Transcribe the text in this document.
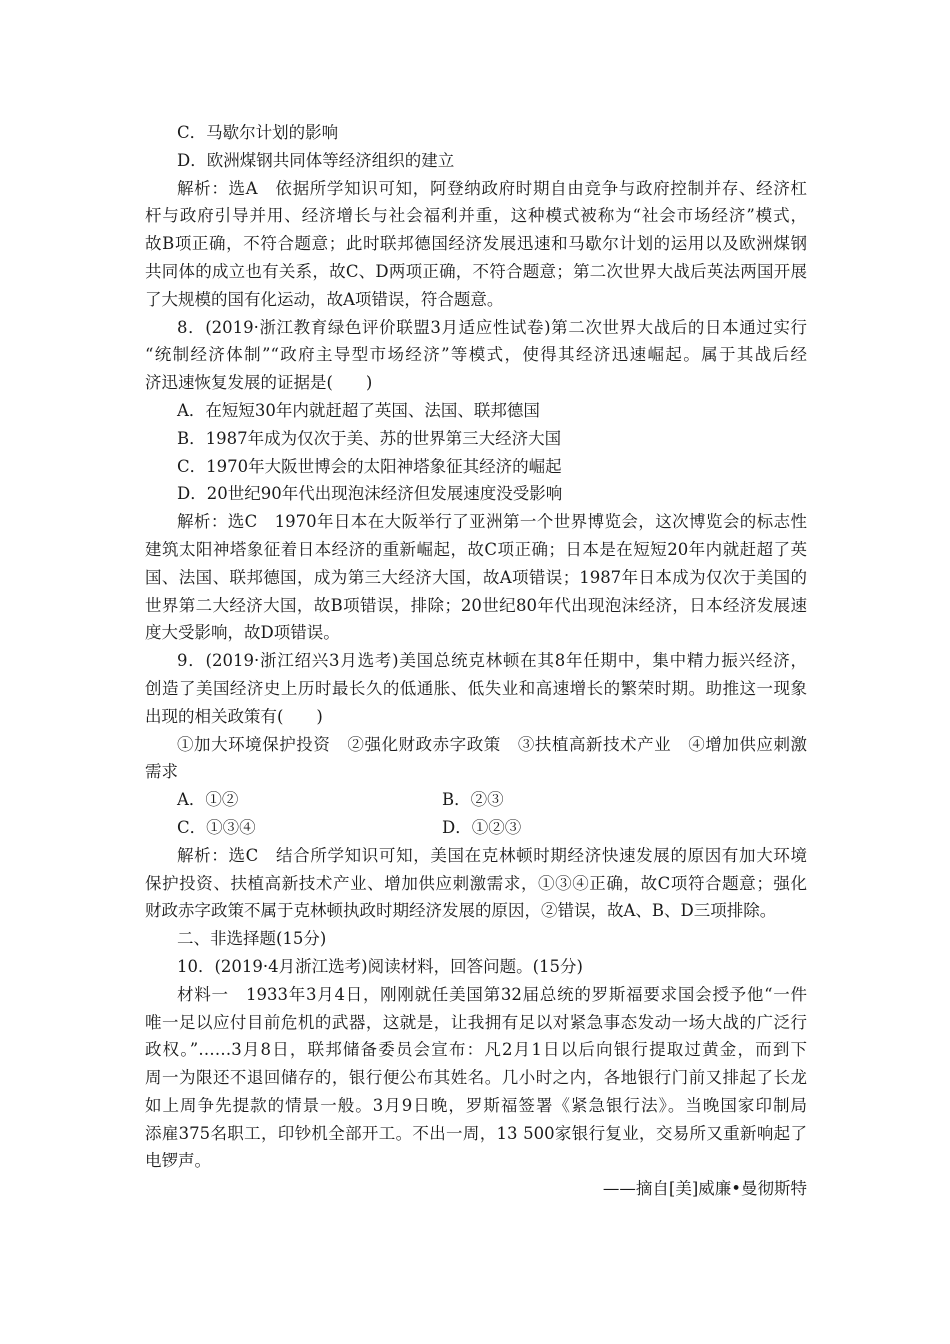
C．马歇尔计划的影响
D．欧洲煤钢共同体等经济组织的建立
解析：选A　依据所学知识可知，阿登纳政府时期自由竞争与政府控制并存、经济杠
杆与政府引导并用、经济增长与社会福利并重，这种模式被称为“社会市场经济”模式，
故B项正确，不符合题意；此时联邦德国经济发展迅速和马歇尔计划的运用以及欧洲煤钢
共同体的成立也有关系，故C、D两项正确，不符合题意；第二次世界大战后英法两国开展
了大规模的国有化运动，故A项错误，符合题意。
8．(2019·浙江教育绿色评价联盟3月适应性试卷)第二次世界大战后的日本通过实行
“统制经济体制”“政府主导型市场经济”等模式，使得其经济迅速崛起。属于其战后经
济迅速恢复发展的证据是(　　)
A．在短短30年内就赶超了英国、法国、联邦德国
B．1987年成为仅次于美、苏的世界第三大经济大国
C．1970年大阪世博会的太阳神塔象征其经济的崛起
D．20世纪90年代出现泡沫经济但发展速度没受影响
解析：选C　1970年日本在大阪举行了亚洲第一个世界博览会，这次博览会的标志性
建筑太阳神塔象征着日本经济的重新崛起，故C项正确；日本是在短短20年内就赶超了英
国、法国、联邦德国，成为第三大经济大国，故A项错误；1987年日本成为仅次于美国的
世界第二大经济大国，故B项错误，排除；20世纪80年代出现泡沫经济，日本经济发展速
度大受影响，故D项错误。
9．(2019·浙江绍兴3月选考)美国总统克林顿在其8年任期中，集中精力振兴经济，
创造了美国经济史上历时最长久的低通胀、低失业和高速增长的繁荣时期。助推这一现象
出现的相关政策有(　　)
①加大环境保护投资　②强化财政赤字政策　③扶植高新技术产业　④增加供应刺激
需求
A．①②	B．②③
C．①③④	D．①②③
解析：选C　结合所学知识可知，美国在克林顿时期经济快速发展的原因有加大环境
保护投资、扶植高新技术产业、增加供应刺激需求，①③④正确，故C项符合题意；强化
财政赤字政策不属于克林顿执政时期经济发展的原因，②错误，故A、B、D三项排除。
二、非选择题(15分)
10．(2019·4月浙江选考)阅读材料，回答问题。(15分)
材料一　1933年3月4日，刚刚就任美国第32届总统的罗斯福要求国会授予他“一件
唯一足以应付目前危机的武器，这就是，让我拥有足以对紧急事态发动一场大战的广泛行
政权。”……3月8日，联邦储备委员会宣布：凡2月1日以后向银行提取过黄金，而到下
周一为限还不退回储存的，银行便公布其姓名。几小时之内，各地银行门前又排起了长龙
如上周争先提款的情景一般。3月9日晚，罗斯福签署《紧急银行法》。当晚国家印制局
添雇375名职工，印钞机全部开工。不出一周，13 500家银行复业，交易所又重新响起了
电锣声。
——摘自[美]威廉•曼彻斯特
